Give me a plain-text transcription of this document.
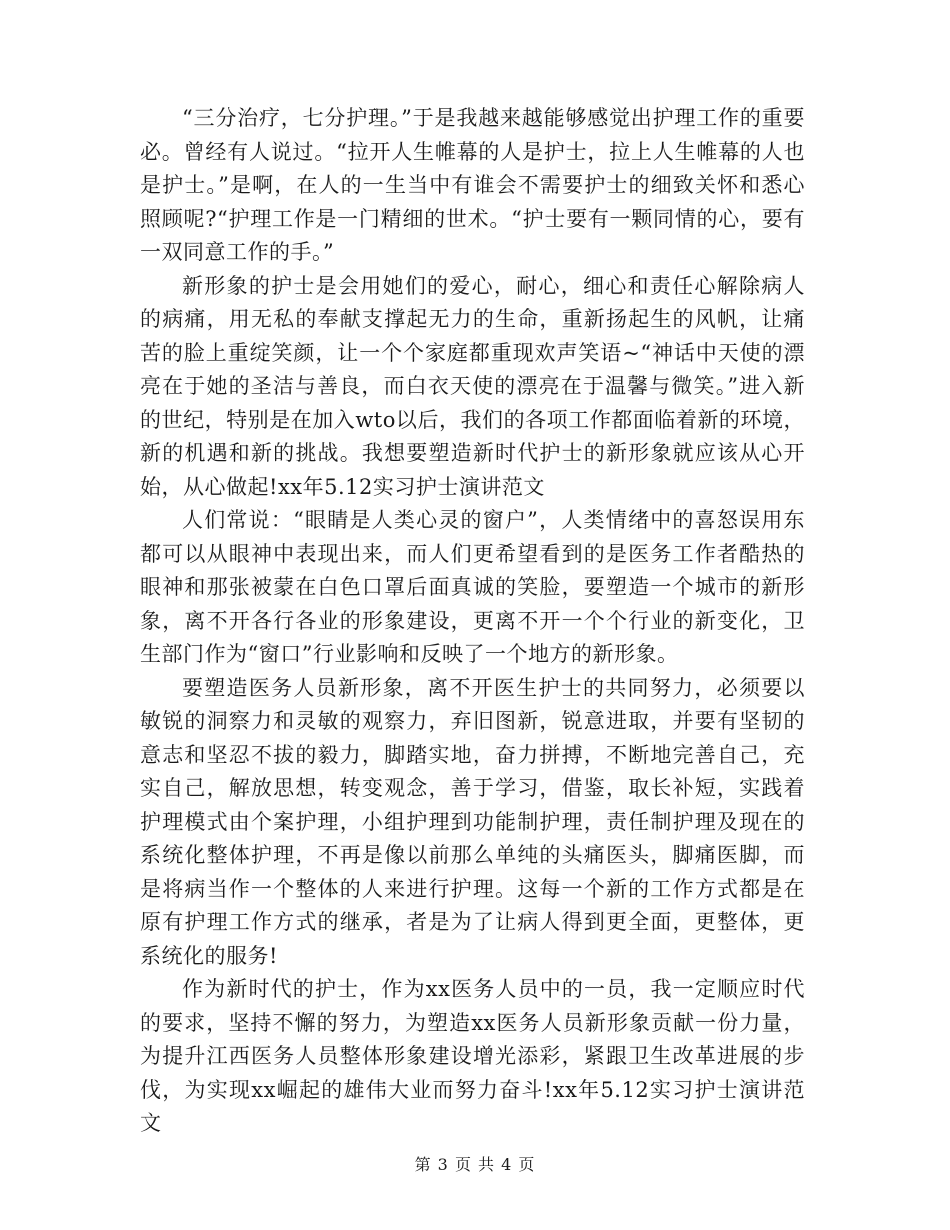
“三分治疗，七分护理。”于是我越来越能够感觉出护理工作的重要必。曾经有人说过。“拉开人生帷幕的人是护士，拉上人生帷幕的人也是护士。”是啊，在人的一生当中有谁会不需要护士的细致关怀和悉心照顾呢?“护理工作是一门精细的世术。“护士要有一颗同情的心，要有一双同意工作的手。”

新形象的护士是会用她们的爱心，耐心，细心和责任心解除病人的病痛，用无私的奉献支撑起无力的生命，重新扬起生的风帆，让痛苦的脸上重绽笑颜，让一个个家庭都重现欢声笑语~“神话中天使的漂亮在于她的圣洁与善良，而白衣天使的漂亮在于温馨与微笑。”进入新的世纪，特别是在加入wto以后，我们的各项工作都面临着新的环境，新的机遇和新的挑战。我想要塑造新时代护士的新形象就应该从心开始，从心做起!xx年5.12实习护士演讲范文

人们常说：“眼睛是人类心灵的窗户”，人类情绪中的喜怒误用东都可以从眼神中表现出来，而人们更希望看到的是医务工作者酷热的眼神和那张被蒙在白色口罩后面真诚的笑脸，要塑造一个城市的新形象，离不开各行各业的形象建设，更离不开一个个行业的新变化，卫生部门作为“窗口”行业影响和反映了一个地方的新形象。

要塑造医务人员新形象，离不开医生护士的共同努力，必须要以敏锐的洞察力和灵敏的观察力，弃旧图新，锐意进取，并要有坚韧的意志和坚忍不拔的毅力，脚踏实地，奋力拼搏，不断地完善自己，充实自己，解放思想，转变观念，善于学习，借鉴，取长补短，实践着护理模式由个案护理，小组护理到功能制护理，责任制护理及现在的系统化整体护理，不再是像以前那么单纯的头痛医头，脚痛医脚，而是将病当作一个整体的人来进行护理。这每一个新的工作方式都是在原有护理工作方式的继承，者是为了让病人得到更全面，更整体，更系统化的服务!

作为新时代的护士，作为xx医务人员中的一员，我一定顺应时代的要求，坚持不懈的努力，为塑造xx医务人员新形象贡献一份力量，为提升江西医务人员整体形象建设增光添彩，紧跟卫生改革进展的步伐，为实现xx崛起的雄伟大业而努力奋斗!xx年5.12实习护士演讲范文

第 3 页 共 4 页
